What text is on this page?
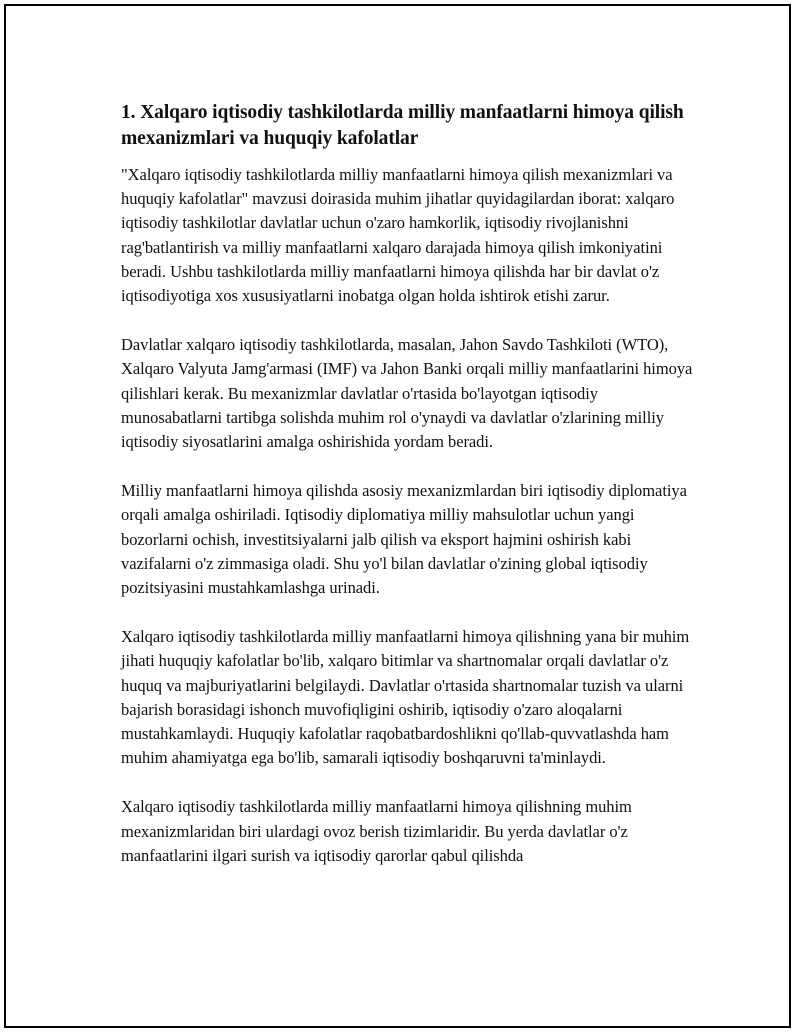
1. Xalqaro iqtisodiy tashkilotlarda milliy manfaatlarni himoya qilish mexanizmlari va huquqiy kafolatlar

"Xalqaro iqtisodiy tashkilotlarda milliy manfaatlarni himoya qilish mexanizmlari va huquqiy kafolatlar" mavzusi doirasida muhim jihatlar quyidagilardan iborat: xalqaro iqtisodiy tashkilotlar davlatlar uchun o'zaro hamkorlik, iqtisodiy rivojlanishni rag'batlantirish va milliy manfaatlarni xalqaro darajada himoya qilish imkoniyatini beradi. Ushbu tashkilotlarda milliy manfaatlarni himoya qilishda har bir davlat o'z iqtisodiyotiga xos xususiyatlarni inobatga olgan holda ishtirok etishi zarur.

Davlatlar xalqaro iqtisodiy tashkilotlarda, masalan, Jahon Savdo Tashkiloti (WTO), Xalqaro Valyuta Jamg'armasi (IMF) va Jahon Banki orqali milliy manfaatlarini himoya qilishlari kerak. Bu mexanizmlar davlatlar o'rtasida bo'layotgan iqtisodiy munosabatlarni tartibga solishda muhim rol o'ynaydi va davlatlar o'zlarining milliy iqtisodiy siyosatlarini amalga oshirishida yordam beradi.

Milliy manfaatlarni himoya qilishda asosiy mexanizmlardan biri iqtisodiy diplomatiya orqali amalga oshiriladi. Iqtisodiy diplomatiya milliy mahsulotlar uchun yangi bozorlarni ochish, investitsiyalarni jalb qilish va eksport hajmini oshirish kabi vazifalarni o'z zimmasiga oladi. Shu yo'l bilan davlatlar o'zining global iqtisodiy pozitsiyasini mustahkamlashga urinadi.

Xalqaro iqtisodiy tashkilotlarda milliy manfaatlarni himoya qilishning yana bir muhim jihati huquqiy kafolatlar bo'lib, xalqaro bitimlar va shartnomalar orqali davlatlar o'z huquq va majburiyatlarini belgilaydi. Davlatlar o'rtasida shartnomalar tuzish va ularni bajarish borasidagi ishonch muvofiqligini oshirib, iqtisodiy o'zaro aloqalarni mustahkamlaydi. Huquqiy kafolatlar raqobatbardoshlikni qo'llab-quvvatlashda ham muhim ahamiyatga ega bo'lib, samarali iqtisodiy boshqaruvni ta'minlaydi.

Xalqaro iqtisodiy tashkilotlarda milliy manfaatlarni himoya qilishning muhim mexanizmlaridan biri ulardagi ovoz berish tizimlaridir. Bu yerda davlatlar o'z manfaatlarini ilgari surish va iqtisodiy qarorlar qabul qilishda
